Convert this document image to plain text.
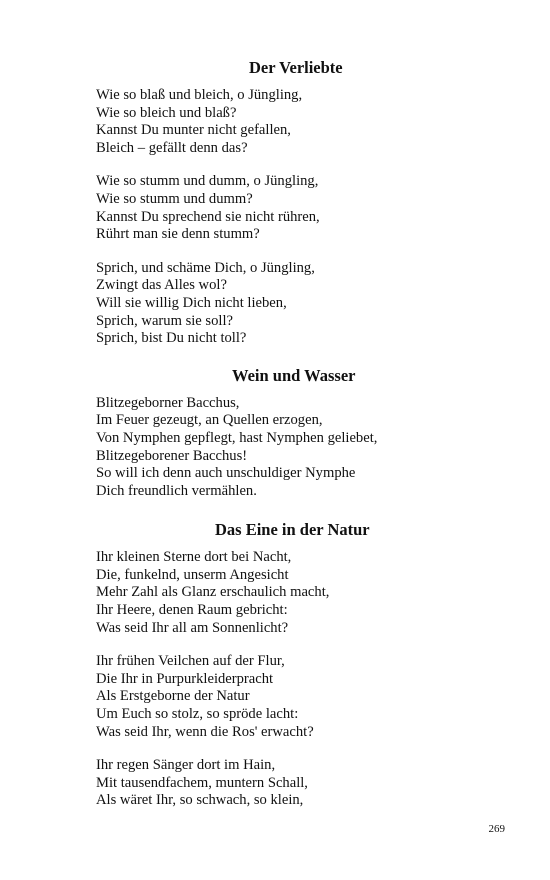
Der Verliebte
Wie so blaß und bleich, o Jüngling,
Wie so bleich und blaß?
Kannst Du munter nicht gefallen,
Bleich – gefällt denn das?
Wie so stumm und dumm, o Jüngling,
Wie so stumm und dumm?
Kannst Du sprechend sie nicht rühren,
Rührt man sie denn stumm?
Sprich, und schäme Dich, o Jüngling,
Zwingt das Alles wol?
Will sie willig Dich nicht lieben,
Sprich, warum sie soll?
Sprich, bist Du nicht toll?
Wein und Wasser
Blitzegeborner Bacchus,
Im Feuer gezeugt, an Quellen erzogen,
Von Nymphen gepflegt, hast Nymphen geliebet,
Blitzegeborener Bacchus!
So will ich denn auch unschuldiger Nymphe
Dich freundlich vermählen.
Das Eine in der Natur
Ihr kleinen Sterne dort bei Nacht,
Die, funkelnd, unserm Angesicht
Mehr Zahl als Glanz erschaulich macht,
Ihr Heere, denen Raum gebricht:
Was seid Ihr all am Sonnenlicht?
Ihr frühen Veilchen auf der Flur,
Die Ihr in Purpurkleiderpracht
Als Erstgeborne der Natur
Um Euch so stolz, so spröde lacht:
Was seid Ihr, wenn die Ros' erwacht?
Ihr regen Sänger dort im Hain,
Mit tausendfachem, muntern Schall,
Als wäret Ihr, so schwach, so klein,
269
